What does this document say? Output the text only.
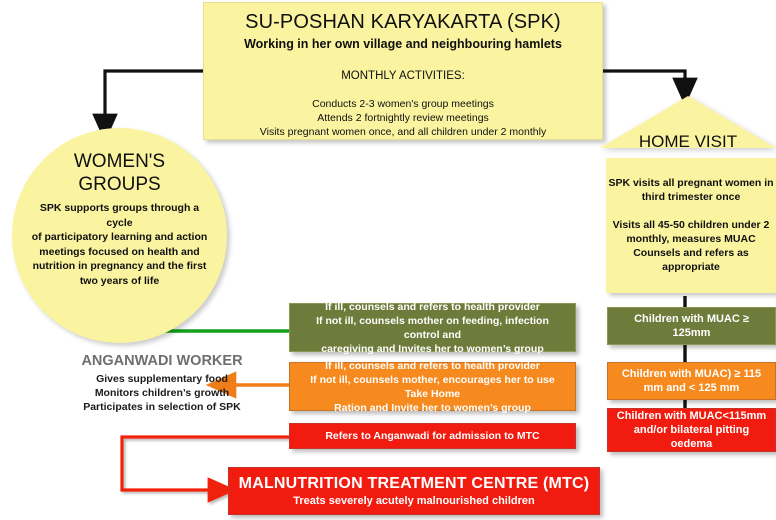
SU-POSHAN KARYAKARTA (SPK)
Working in her own village and neighbouring hamlets
MONTHLY ACTIVITIES:
Conducts 2-3 women's group meetings
Attends 2 fortnightly review meetings
Visits pregnant women once, and all children under 2 monthly
WOMEN'S
GROUPS
SPK supports groups through a cycle
of participatory learning and action
meetings focused on health and
nutrition in pregnancy and the first
two years of life
HOME VISIT

SPK visits all pregnant women in

third trimester once

Visits all 45-50 children under 2

monthly, measures MUAC

Counsels and refers as appropriate

Children with MUAC ≥ 125mm
Children with MUAC) ≥ 115
mm and < 125 mm
Children with MUAC<115mm
and/or bilateral pitting oedema
If ill, counsels and refers to health provider
If not ill, counsels mother on feeding, infection control and
caregiving and Invites her to women’s group
If ill, counsels and refers to health provider
If not ill, counsels mother, encourages her to use Take Home
Ration and Invite her to women’s group
Refers to Anganwadi for admission to MTC
ANGANWADI WORKER
Gives supplementary food
Monitors children’s growth
Participates in selection of SPK
MALNUTRITION TREATMENT CENTRE (MTC)
Treats severely acutely malnourished children
